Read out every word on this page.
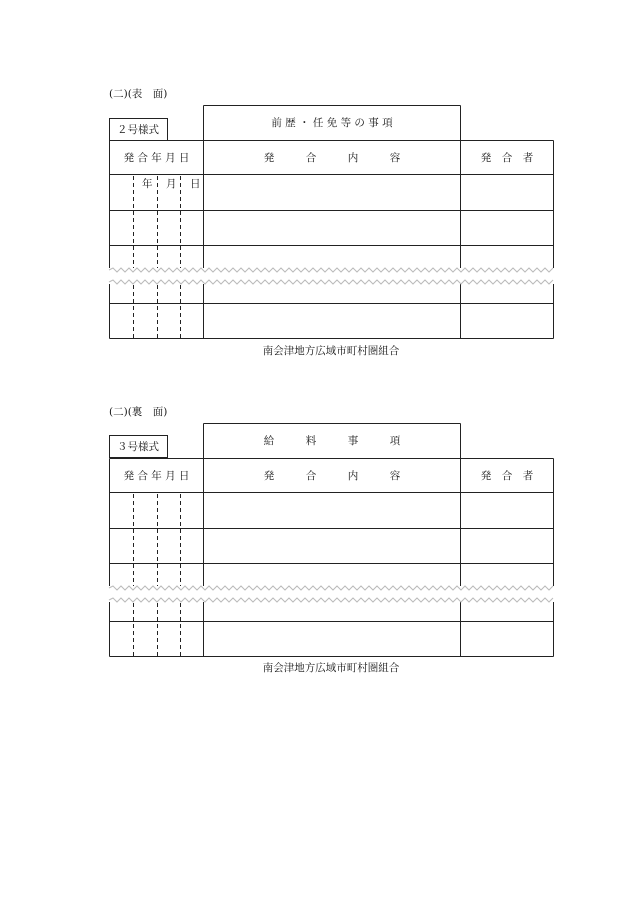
(二)(表　面)
２号様式
前 歴 ・ 任 免 等 の 事 項
発 合 年 月 日	発　　　合　　　内　　　容	発　合　者
年 月 日
南会津地方広域市町村圏組合
(二)(裏　面)
３号様式	給　　　料　　　事　　　項
発 合 年 月 日	発　　　合　　　内　　　容	発　合　者
南会津地方広域市町村圏組合
